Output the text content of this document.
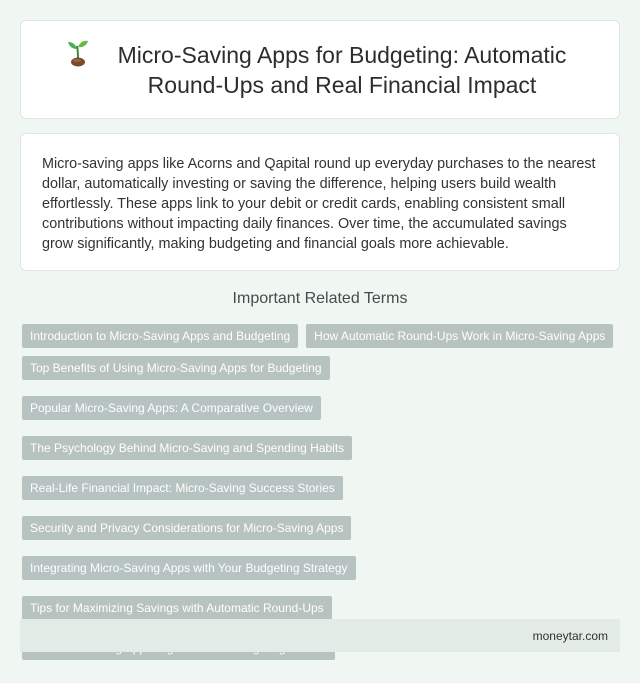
Micro-Saving Apps for Budgeting: Automatic Round-Ups and Real Financial Impact

Micro-saving apps like Acorns and Qapital round up everyday purchases to the nearest dollar, automatically investing or saving the difference, helping users build wealth effortlessly. These apps link to your debit or credit cards, enabling consistent small contributions without impacting daily finances. Over time, the accumulated savings grow significantly, making budgeting and financial goals more achievable.

Important Related Terms
Introduction to Micro-Saving Apps and Budgeting	How Automatic Round-Ups Work in Micro-Saving Apps
Top Benefits of Using Micro-Saving Apps for Budgeting
Popular Micro-Saving Apps: A Comparative Overview
The Psychology Behind Micro-Saving and Spending Habits
Real-Life Financial Impact: Micro-Saving Success Stories
Security and Privacy Considerations for Micro-Saving Apps
Integrating Micro-Saving Apps with Your Budgeting Strategy
Tips for Maximizing Savings with Automatic Round-Ups
moneytar.com
